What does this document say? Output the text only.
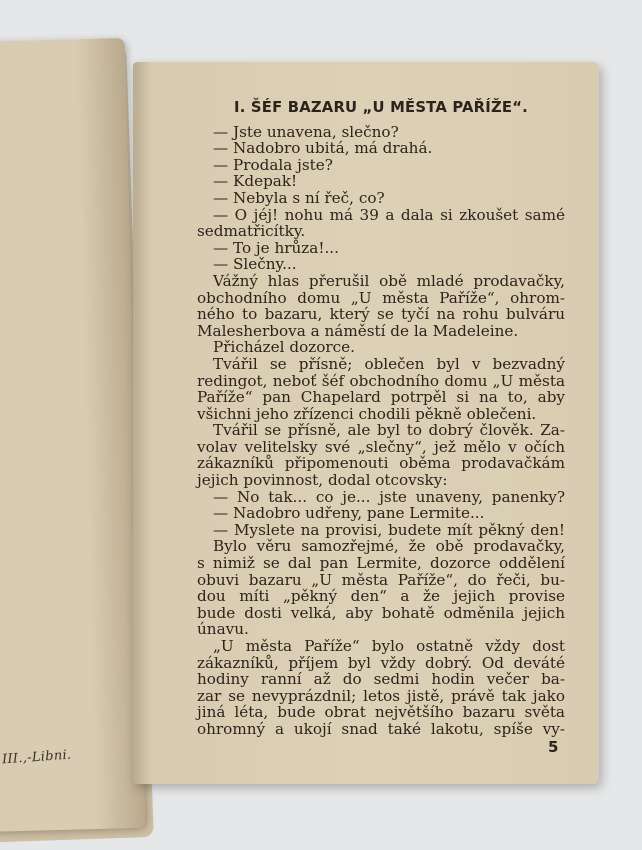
III.,-Libni.
I. ŠÉF BAZARU „U MĚSTA PAŘÍŽE“.
— Jste unavena, slečno?
— Nadobro ubitá, má drahá.
— Prodala jste?
— Kdepak!
— Nebyla s ní řeč, co?
— O jéj! nohu má 39 a dala si zkoušet samé
sedmatřicítky.
— To je hrůza!...
— Slečny...
Vážný hlas přerušil obě mladé prodavačky,
obchodního domu „U města Paříže“, ohrom-
ného to bazaru, který se tyčí na rohu bulváru
Malesherbova a náměstí de la Madeleine.
Přicházel dozorce.
Tvářil se přísně; oblečen byl v bezvadný
redingot, neboť šéf obchodního domu „U města
Paříže“ pan Chapelard potrpěl si na to, aby
všichni jeho zřízenci chodili pěkně oblečeni.
Tvářil se přísně, ale byl to dobrý člověk. Za-
volav velitelsky své „slečny“, jež mělo v očích
zákazníků připomenouti oběma prodavačkám
jejich povinnost, dodal otcovsky:
— No tak... co je... jste unaveny, panenky?
— Nadobro udřeny, pane Lermite...
— Myslete na provisi, budete mít pěkný den!
Bylo věru samozřejmé, že obě prodavačky,
s nimiž se dal pan Lermite, dozorce oddělení
obuvi bazaru „U města Paříže“, do řeči, bu-
dou míti „pěkný den“ a že jejich provise
bude dosti velká, aby bohatě odměnila jejich
únavu.
„U města Paříže“ bylo ostatně vždy dost
zákazníků, příjem byl vždy dobrý. Od deváté
hodiny ranní až do sedmi hodin večer ba-
zar se nevyprázdnil; letos jistě, právě tak jako
jiná léta, bude obrat největšího bazaru světa
ohromný a ukojí snad také lakotu, spíše vy-
5
